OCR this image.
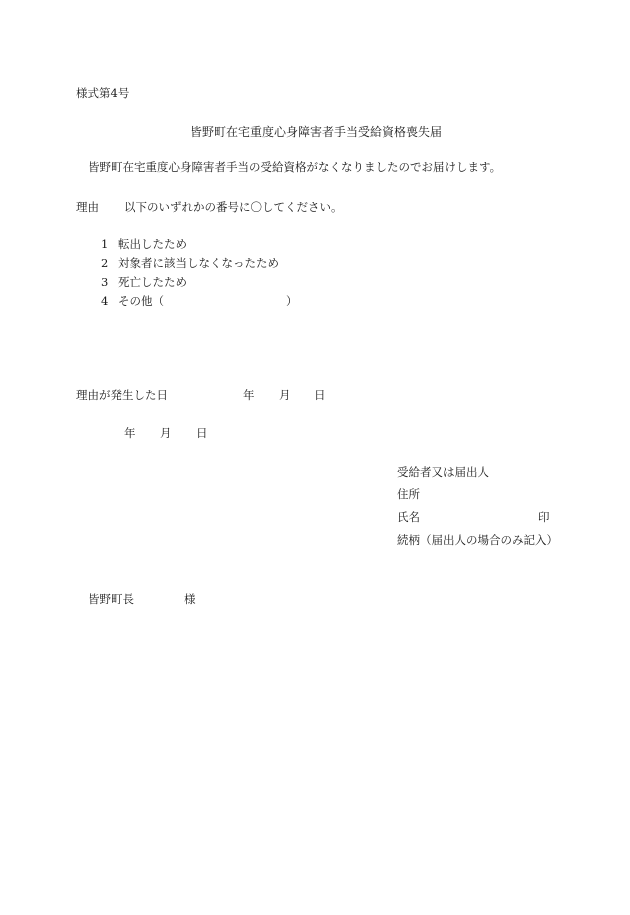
様式第4号
皆野町在宅重度心身障害者手当受給資格喪失届
皆野町在宅重度心身障害者手当の受給資格がなくなりましたのでお届けします。
理由 以下のいずれかの番号に〇してください。
1 転出したため
2 対象者に該当しなくなったため
3 死亡したため
4 その他（	）
理由が発生した日	年 月 日
年 月 日
受給者又は届出人
住所
氏名	印
続柄（届出人の場合のみ記入）
皆野町長	様
